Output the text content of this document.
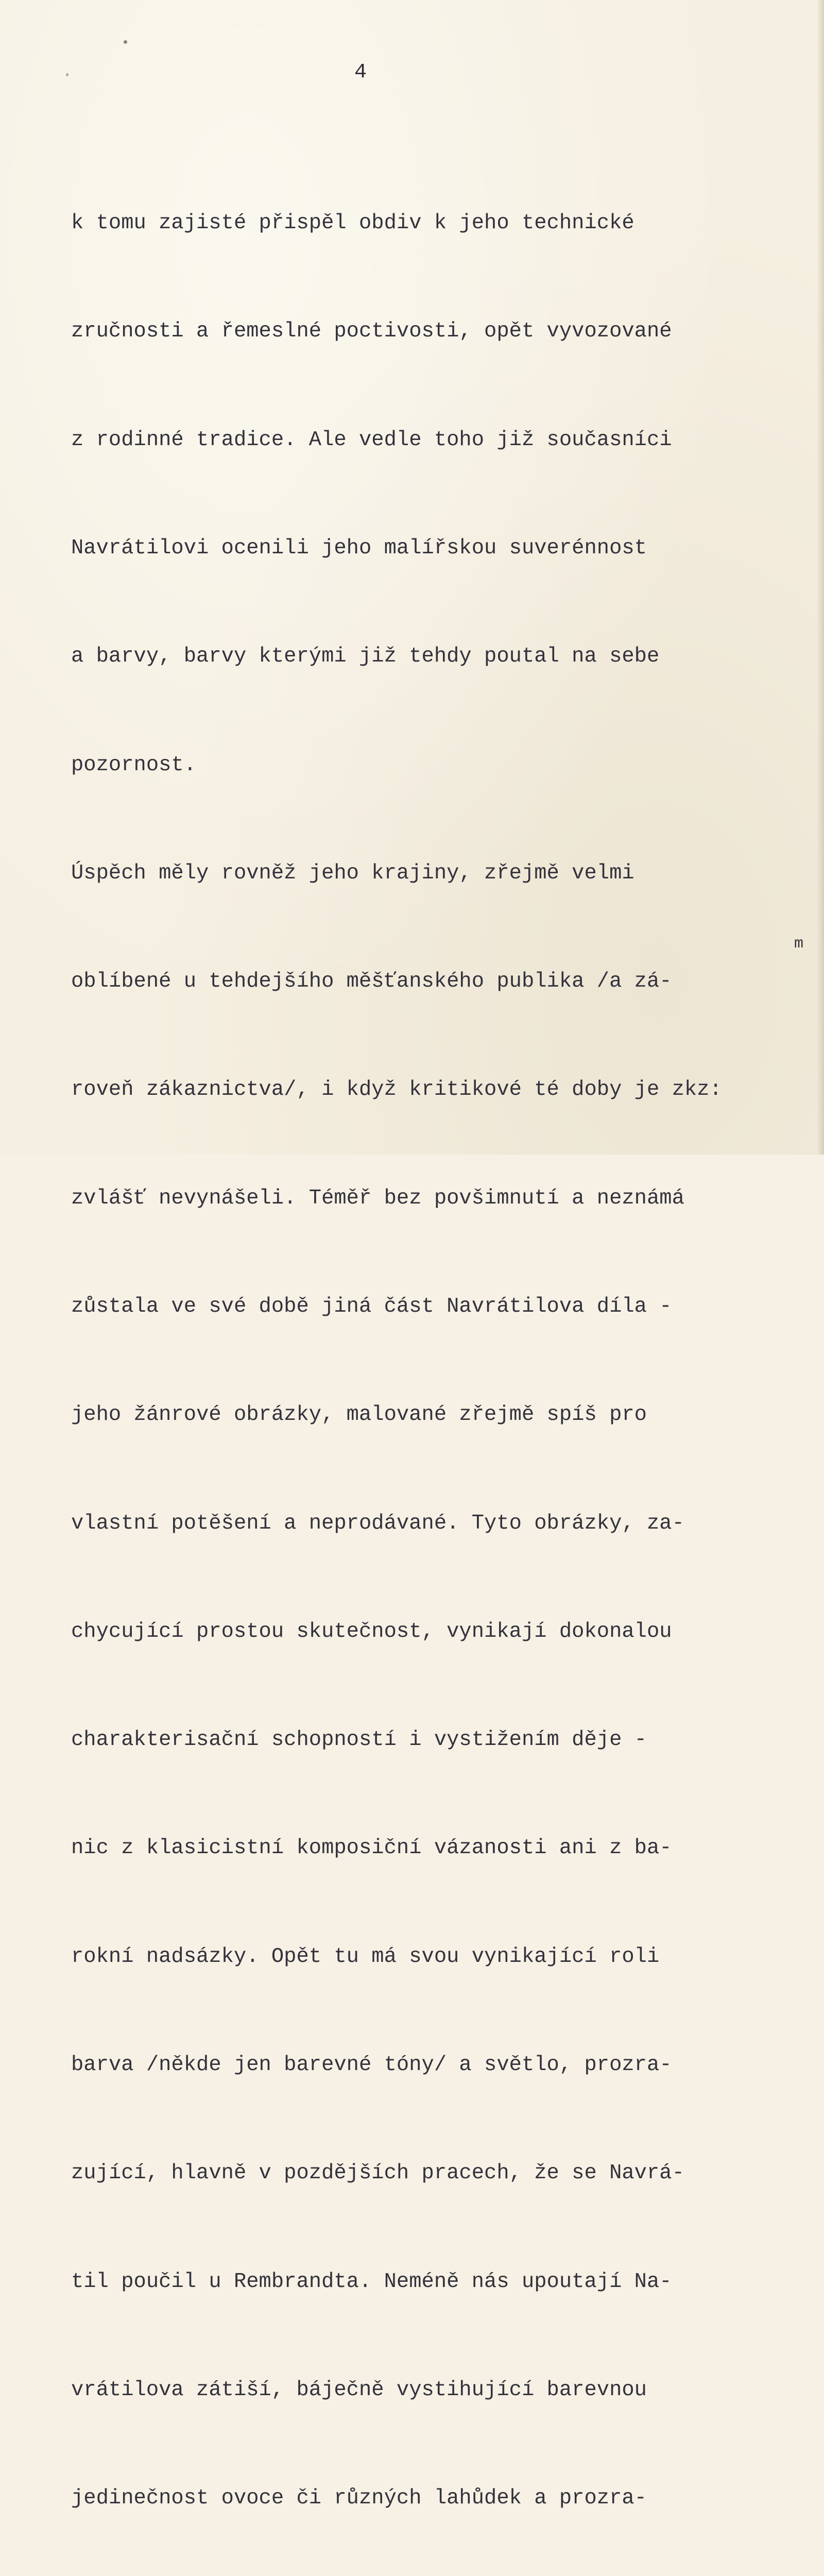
4

k tomu zajisté přispěl obdiv k jeho technické

zručnosti a řemeslné poctivosti, opět vyvozované

z rodinné tradice. Ale vedle toho již současníci

Navrátilovi ocenili jeho malířskou suverénnost

a barvy, barvy kterými již tehdy poutal na sebe

pozornost.

Úspěch měly rovněž jeho krajiny, zřejmě velmi

oblíbené u tehdejšího měšťanského publika /a zá-

roveň zákaznictva/, i když kritikové té doby je zkz:

zvlášť nevynášeli. Téměř bez povšimnutí a neznámá

zůstala ve své době jiná část Navrátilova díla -

jeho žánrové obrázky, malované zřejmě spíš pro

vlastní potěšení a neprodávané. Tyto obrázky, za-

chycující prostou skutečnost, vynikají dokonalou

charakterisační schopností i vystižením děje -

nic z klasicistní komposiční vázanosti ani z ba-

rokní nadsázky. Opět tu má svou vynikající roli

barva /někde jen barevné tóny/ a světlo, prozra-

zující, hlavně v pozdějších pracech, že se Navrá-

til poučil u Rembrandta. Neméně nás upoutají Na-

vrátilova zátiší, báječně vystihující barevnou

jedinečnost ovoce či různých lahůdek a prozra-

m
